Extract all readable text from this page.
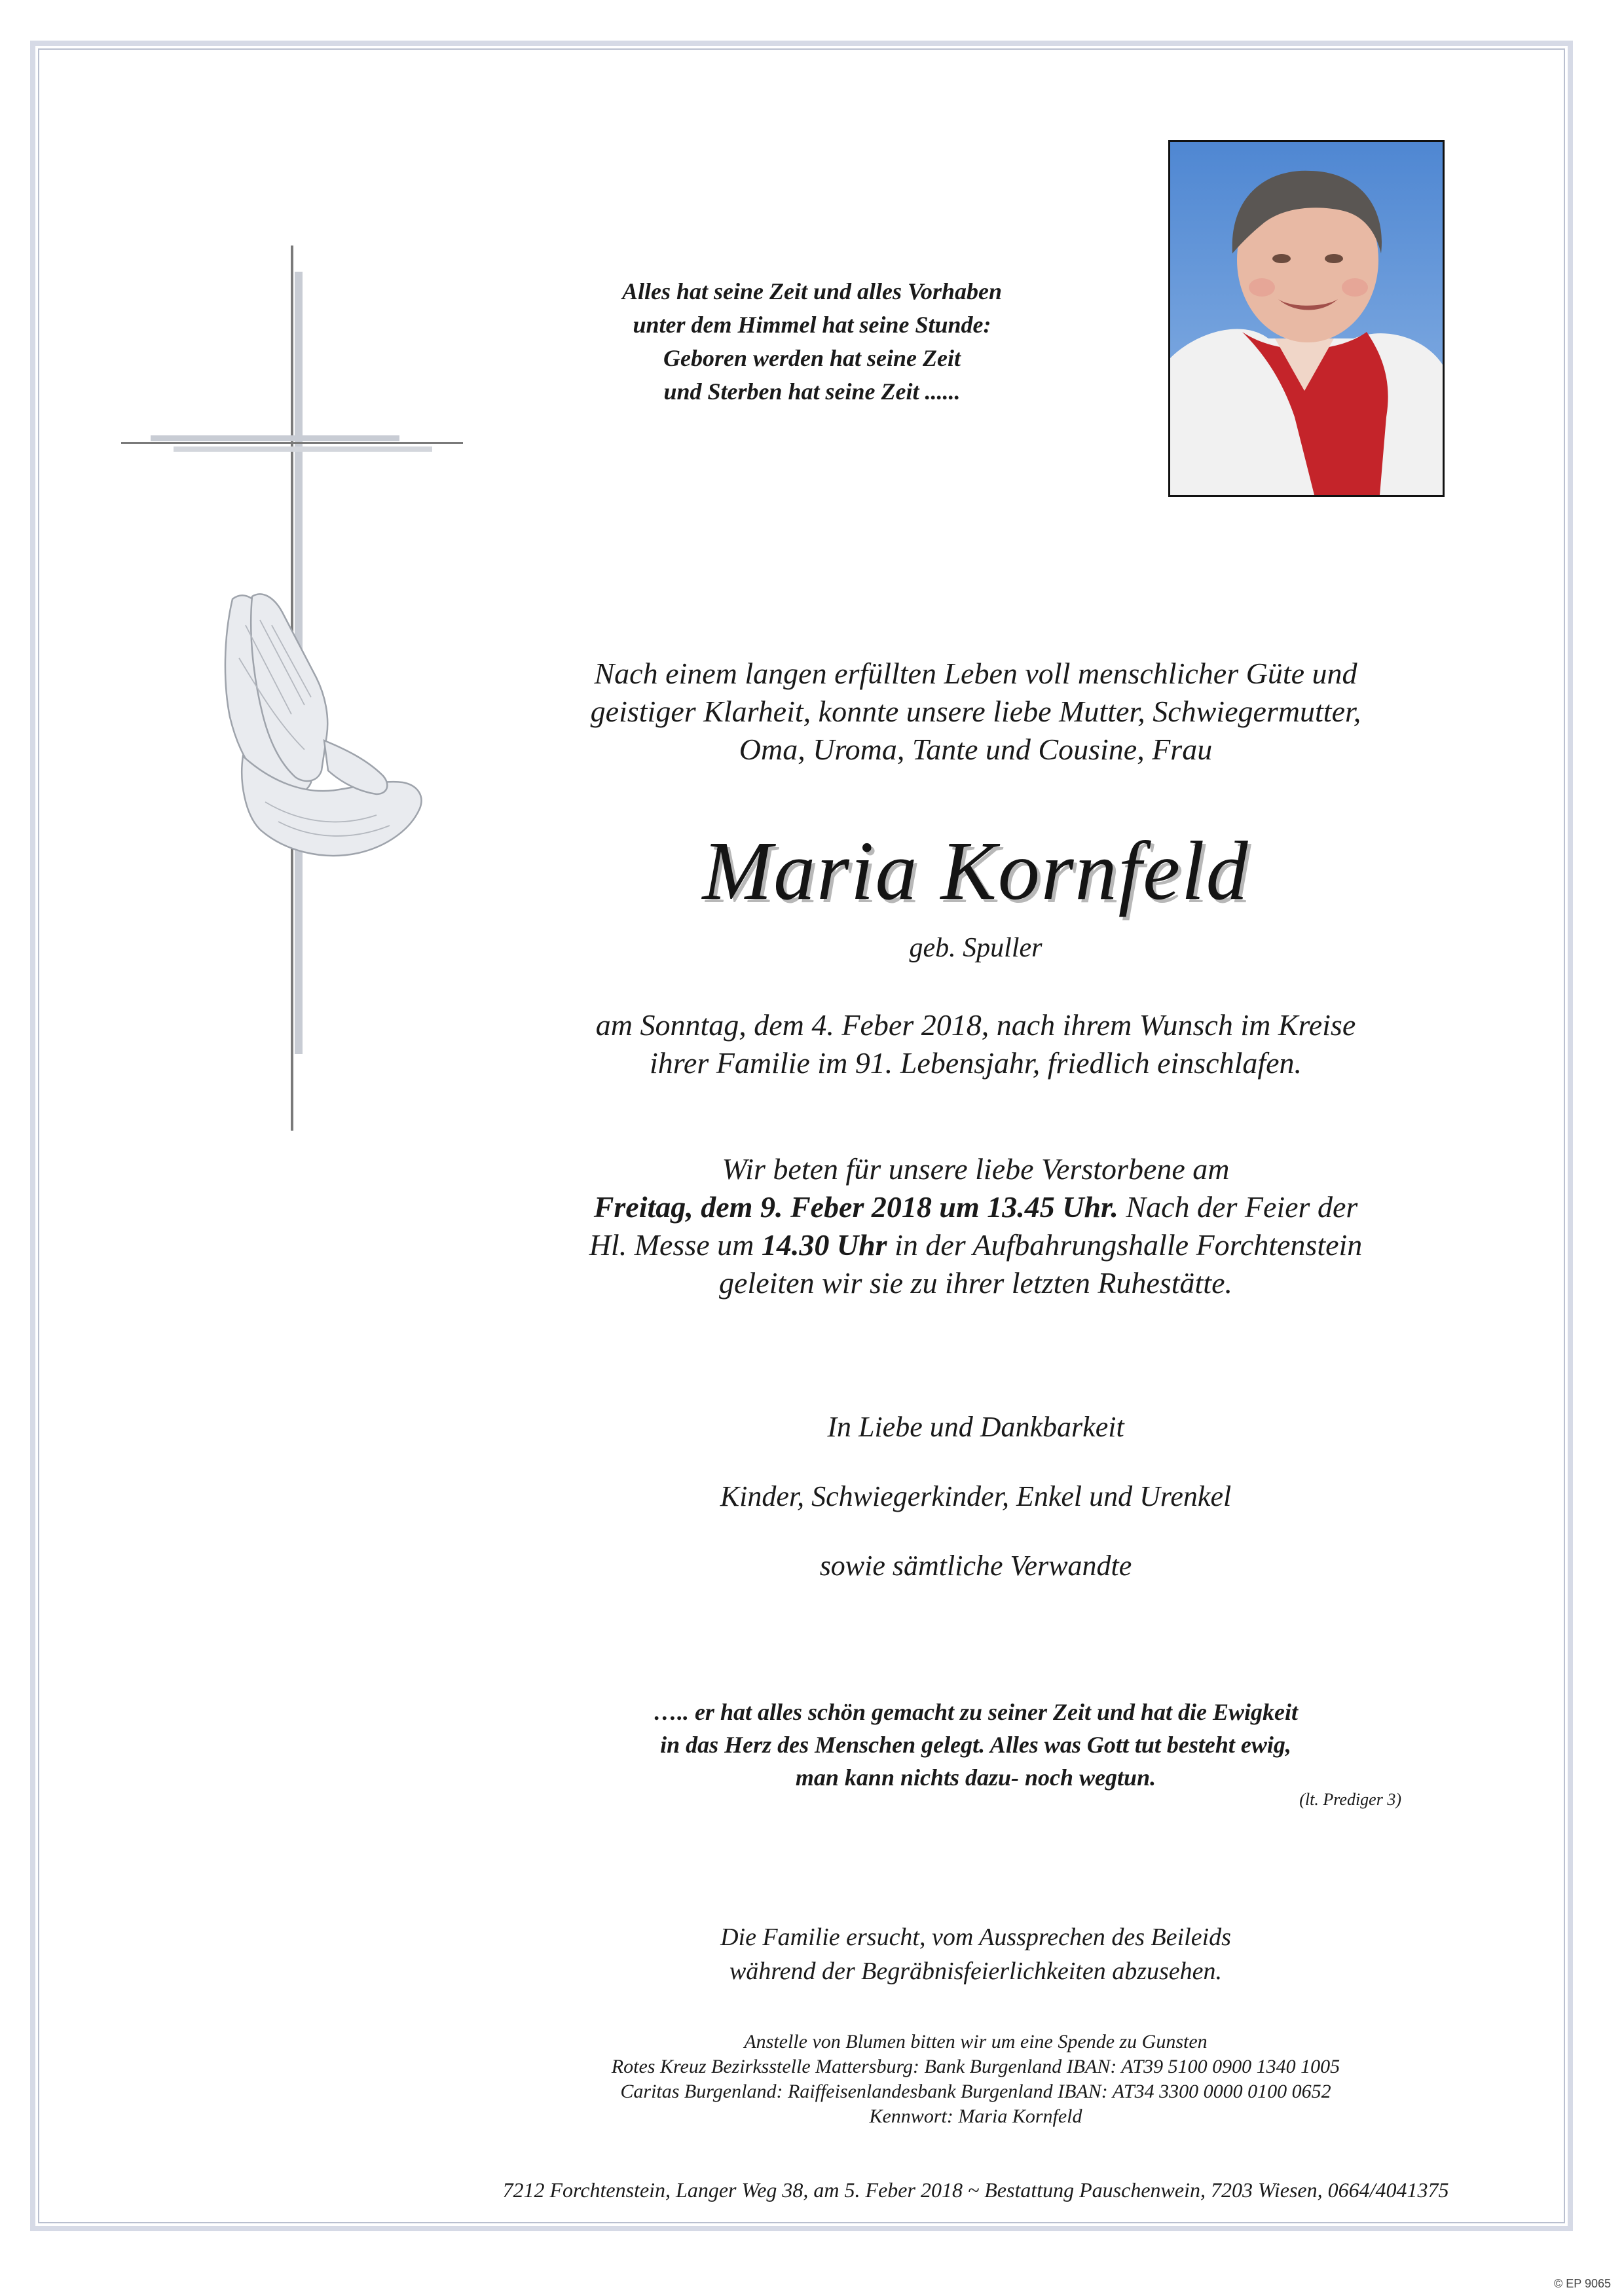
Alles hat seine Zeit und alles Vorhaben
unter dem Himmel hat seine Stunde:
Geboren werden hat seine Zeit
und Sterben hat seine Zeit ......
Nach einem langen erfüllten Leben voll menschlicher Güte und
geistiger Klarheit, konnte unsere liebe Mutter, Schwiegermutter,
Oma, Uroma, Tante und Cousine, Frau
Maria Kornfeld
geb. Spuller
am Sonntag, dem 4. Feber 2018, nach ihrem Wunsch im Kreise
ihrer Familie im 91. Lebensjahr, friedlich einschlafen.
Wir beten für unsere liebe Verstorbene am
Freitag, dem 9. Feber 2018 um 13.45 Uhr. Nach der Feier der
Hl. Messe um 14.30 Uhr in der Aufbahrungshalle Forchtenstein
geleiten wir sie zu ihrer letzten Ruhestätte.
In Liebe und Dankbarkeit
Kinder, Schwiegerkinder, Enkel und Urenkel
sowie sämtliche Verwandte
….. er hat alles schön gemacht zu seiner Zeit und hat die Ewigkeit
in das Herz des Menschen gelegt. Alles was Gott tut besteht ewig,
man kann nichts dazu- noch wegtun.
(lt. Prediger 3)
Die Familie ersucht, vom Aussprechen des Beileids
während der Begräbnisfeierlichkeiten abzusehen.
Anstelle von Blumen bitten wir um eine Spende zu Gunsten
Rotes Kreuz Bezirksstelle Mattersburg: Bank Burgenland IBAN: AT39 5100 0900 1340 1005
Caritas Burgenland: Raiffeisenlandesbank Burgenland IBAN: AT34 3300 0000 0100 0652
Kennwort: Maria Kornfeld
7212 Forchtenstein, Langer Weg 38, am 5. Feber 2018 ~ Bestattung Pauschenwein, 7203 Wiesen, 0664/4041375
© EP 9065
